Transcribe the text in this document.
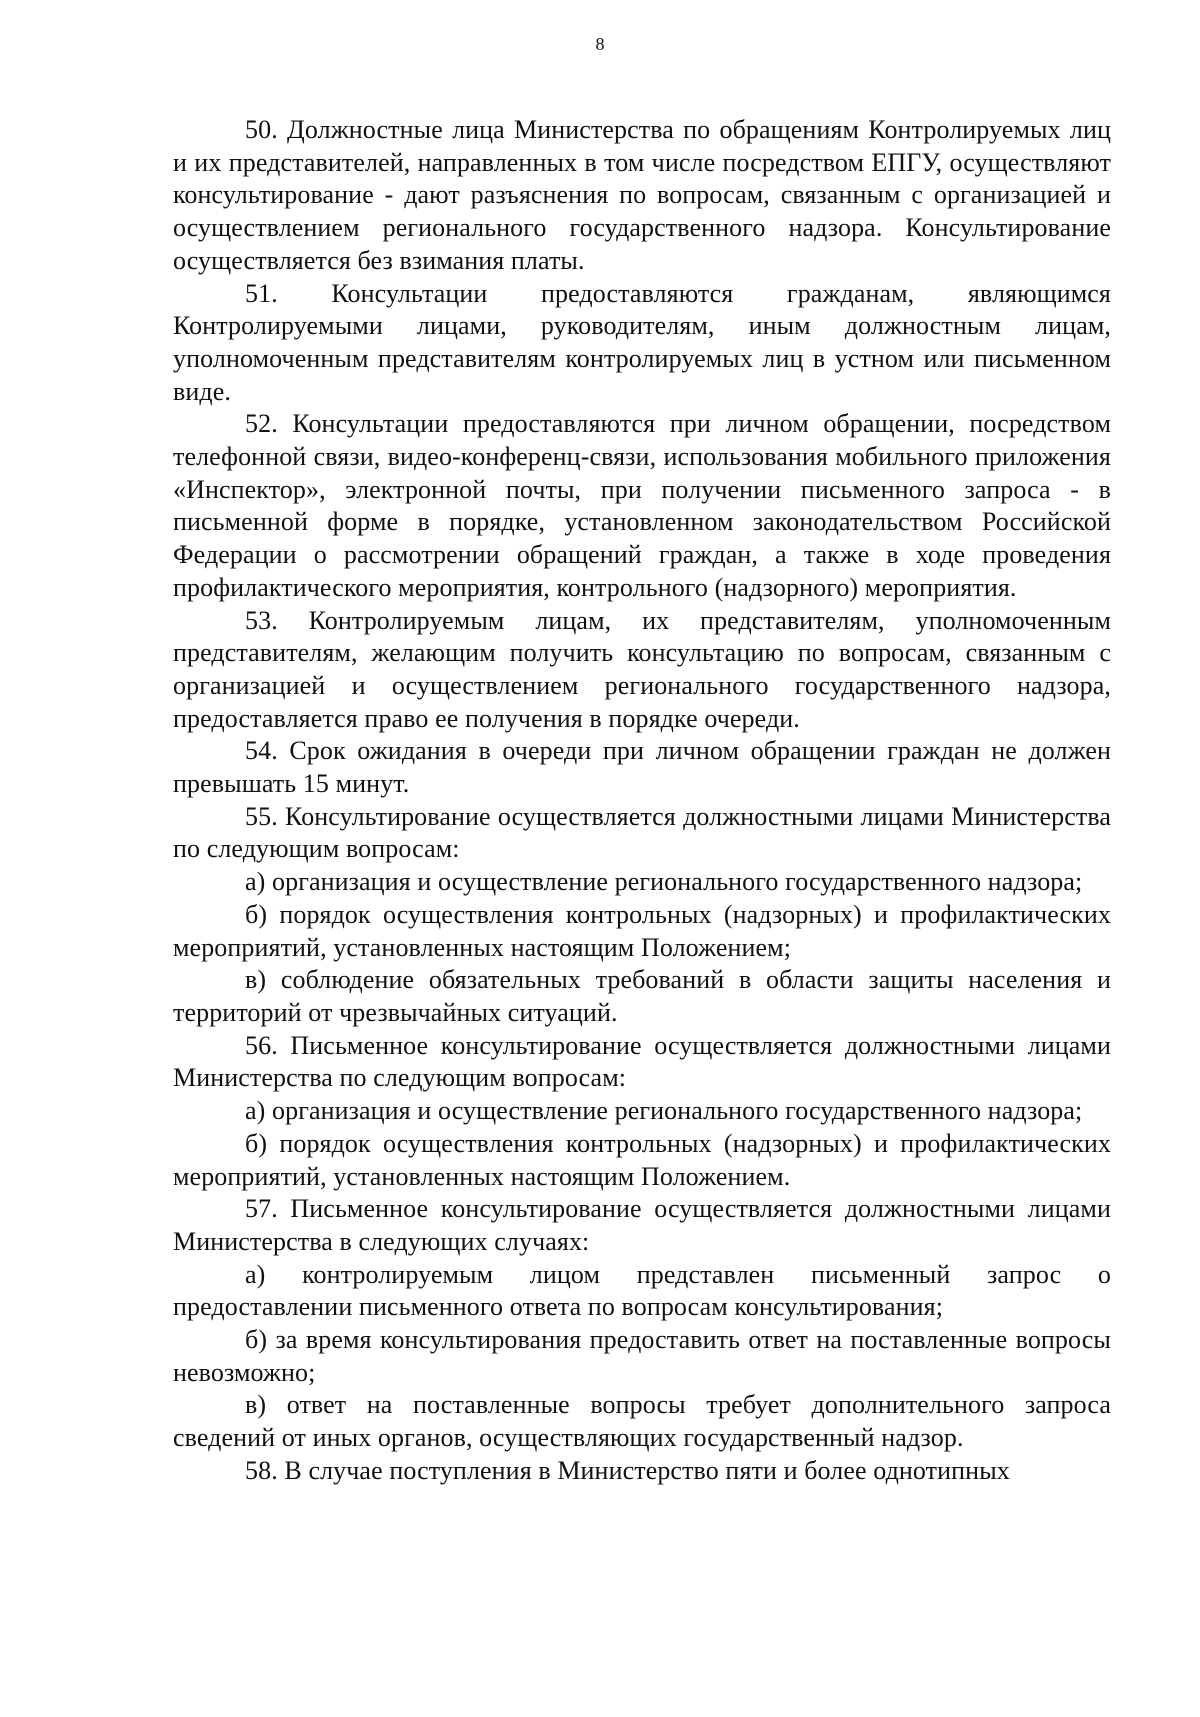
8

50. Должностные лица Министерства по обращениям Контролируемых лиц и их представителей, направленных в том числе посредством ЕПГУ, осуществляют консультирование - дают разъяснения по вопросам, связанным с организацией и осуществлением регионального государственного надзора. Консультирование осуществляется без взимания платы.

51. Консультации предоставляются гражданам, являющимся Контролируемыми лицами, руководителям, иным должностным лицам, уполномоченным представителям контролируемых лиц в устном или письменном виде.

52. Консультации предоставляются при личном обращении, посредством телефонной связи, видео-конференц-связи, использования мобильного приложения «Инспектор», электронной почты, при получении письменного запроса - в письменной форме в порядке, установленном законодательством Российской Федерации о рассмотрении обращений граждан, а также в ходе проведения профилактического мероприятия, контрольного (надзорного) мероприятия.

53. Контролируемым лицам, их представителям, уполномоченным представителям, желающим получить консультацию по вопросам, связанным с организацией и осуществлением регионального государственного надзора, предоставляется право ее получения в порядке очереди.

54. Срок ожидания в очереди при личном обращении граждан не должен превышать 15 минут.

55. Консультирование осуществляется должностными лицами Министерства по следующим вопросам:

а) организация и осуществление регионального государственного надзора;

б) порядок осуществления контрольных (надзорных) и профилактических мероприятий, установленных настоящим Положением;

в) соблюдение обязательных требований в области защиты населения и территорий от чрезвычайных ситуаций.

56. Письменное консультирование осуществляется должностными лицами Министерства по следующим вопросам:

а) организация и осуществление регионального государственного надзора;

б) порядок осуществления контрольных (надзорных) и профилактических мероприятий, установленных настоящим Положением.

57. Письменное консультирование осуществляется должностными лицами Министерства в следующих случаях:

а) контролируемым лицом представлен письменный запрос о предоставлении письменного ответа по вопросам консультирования;

б) за время консультирования предоставить ответ на поставленные вопросы невозможно;

в) ответ на поставленные вопросы требует дополнительного запроса сведений от иных органов, осуществляющих государственный надзор.

58. В случае поступления в Министерство пяти и более однотипных
